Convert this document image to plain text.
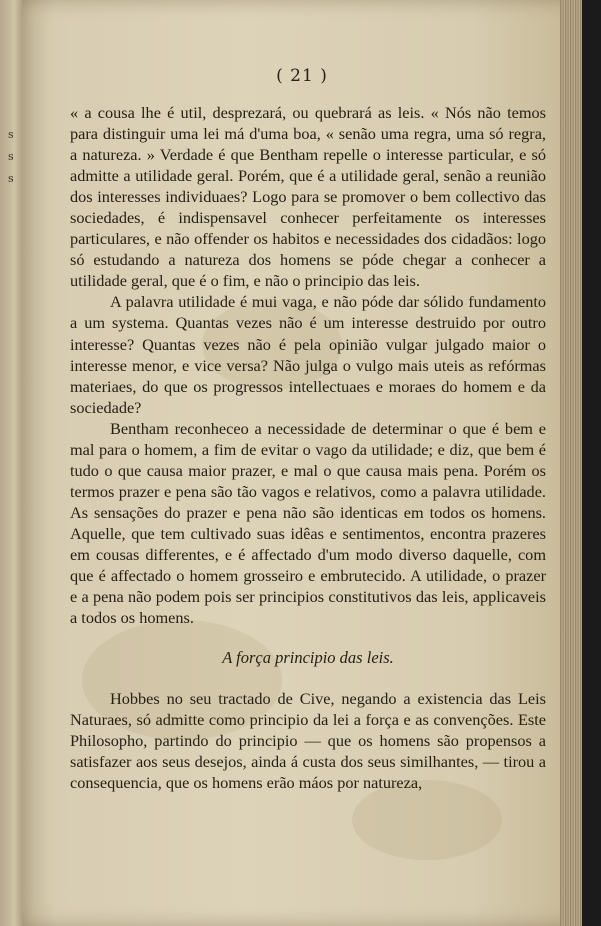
s
s
s
( 21 )

« a cousa lhe é util, desprezará, ou quebrará as leis. « Nós não temos para distinguir uma lei má d'uma boa, « senão uma regra, uma só regra, a natureza. » Verdade é que Bentham repelle o interesse particular, e só admitte a utilidade geral. Porém, que é a utilidade geral, senão a reunião dos interesses individuaes? Logo para se promover o bem collectivo das sociedades, é indispensavel conhecer perfeitamente os interesses particulares, e não offender os habitos e necessidades dos cidadãos: logo só estudando a natureza dos homens se póde chegar a conhecer a utilidade geral, que é o fim, e não o principio das leis.

A palavra utilidade é mui vaga, e não póde dar sólido fundamento a um systema. Quantas vezes não é um interesse destruido por outro interesse? Quantas vezes não é pela opinião vulgar julgado maior o interesse menor, e vice versa? Não julga o vulgo mais uteis as refórmas materiaes, do que os progressos intellectuaes e moraes do homem e da sociedade?

Bentham reconheceo a necessidade de determinar o que é bem e mal para o homem, a fim de evitar o vago da utilidade; e diz, que bem é tudo o que causa maior prazer, e mal o que causa mais pena. Porém os termos prazer e pena são tão vagos e relativos, como a palavra utilidade. As sensações do prazer e pena não são identicas em todos os homens. Aquelle, que tem cultivado suas idêas e sentimentos, encontra prazeres em cousas differentes, e é affectado d'um modo diverso daquelle, com que é affectado o homem grosseiro e embrutecido. A utilidade, o prazer e a pena não podem pois ser principios constitutivos das leis, applicaveis a todos os homens.

A força principio das leis.

Hobbes no seu tractado de Cive, negando a existencia das Leis Naturaes, só admitte como principio da lei a força e as convenções. Este Philosopho, partindo do principio — que os homens são propensos a satisfazer aos seus desejos, ainda á custa dos seus similhantes, — tirou a consequencia, que os homens erão máos por natureza,
